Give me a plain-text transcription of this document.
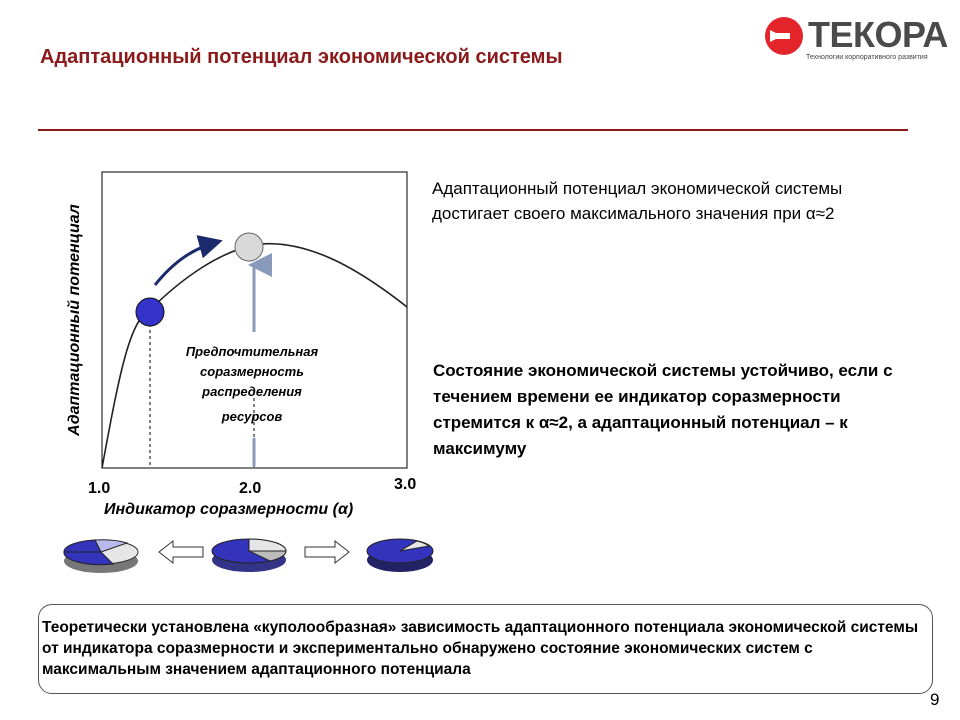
Адаптационный потенциал экономической системы
ТЕКОРА
Технологии корпоративного развития
Адаптационный потенциал	Предпочтительная
соразмерность
распределения
ресурсов
1.0	2.0	3.0
Индикатор соразмерности (α)
Адаптационный потенциал экономической системы достигает своего максимального значения при α≈2
Состояние экономической системы устойчиво, если с течением времени ее индикатор соразмерности стремится к α≈2, а адаптационный потенциал – к максимуму
Теоретически установлена «куполообразная» зависимость адаптационного потенциала экономической системы от индикатора соразмерности и экспериментально обнаружено состояние экономических систем с максимальным значением адаптационного потенциала
9
